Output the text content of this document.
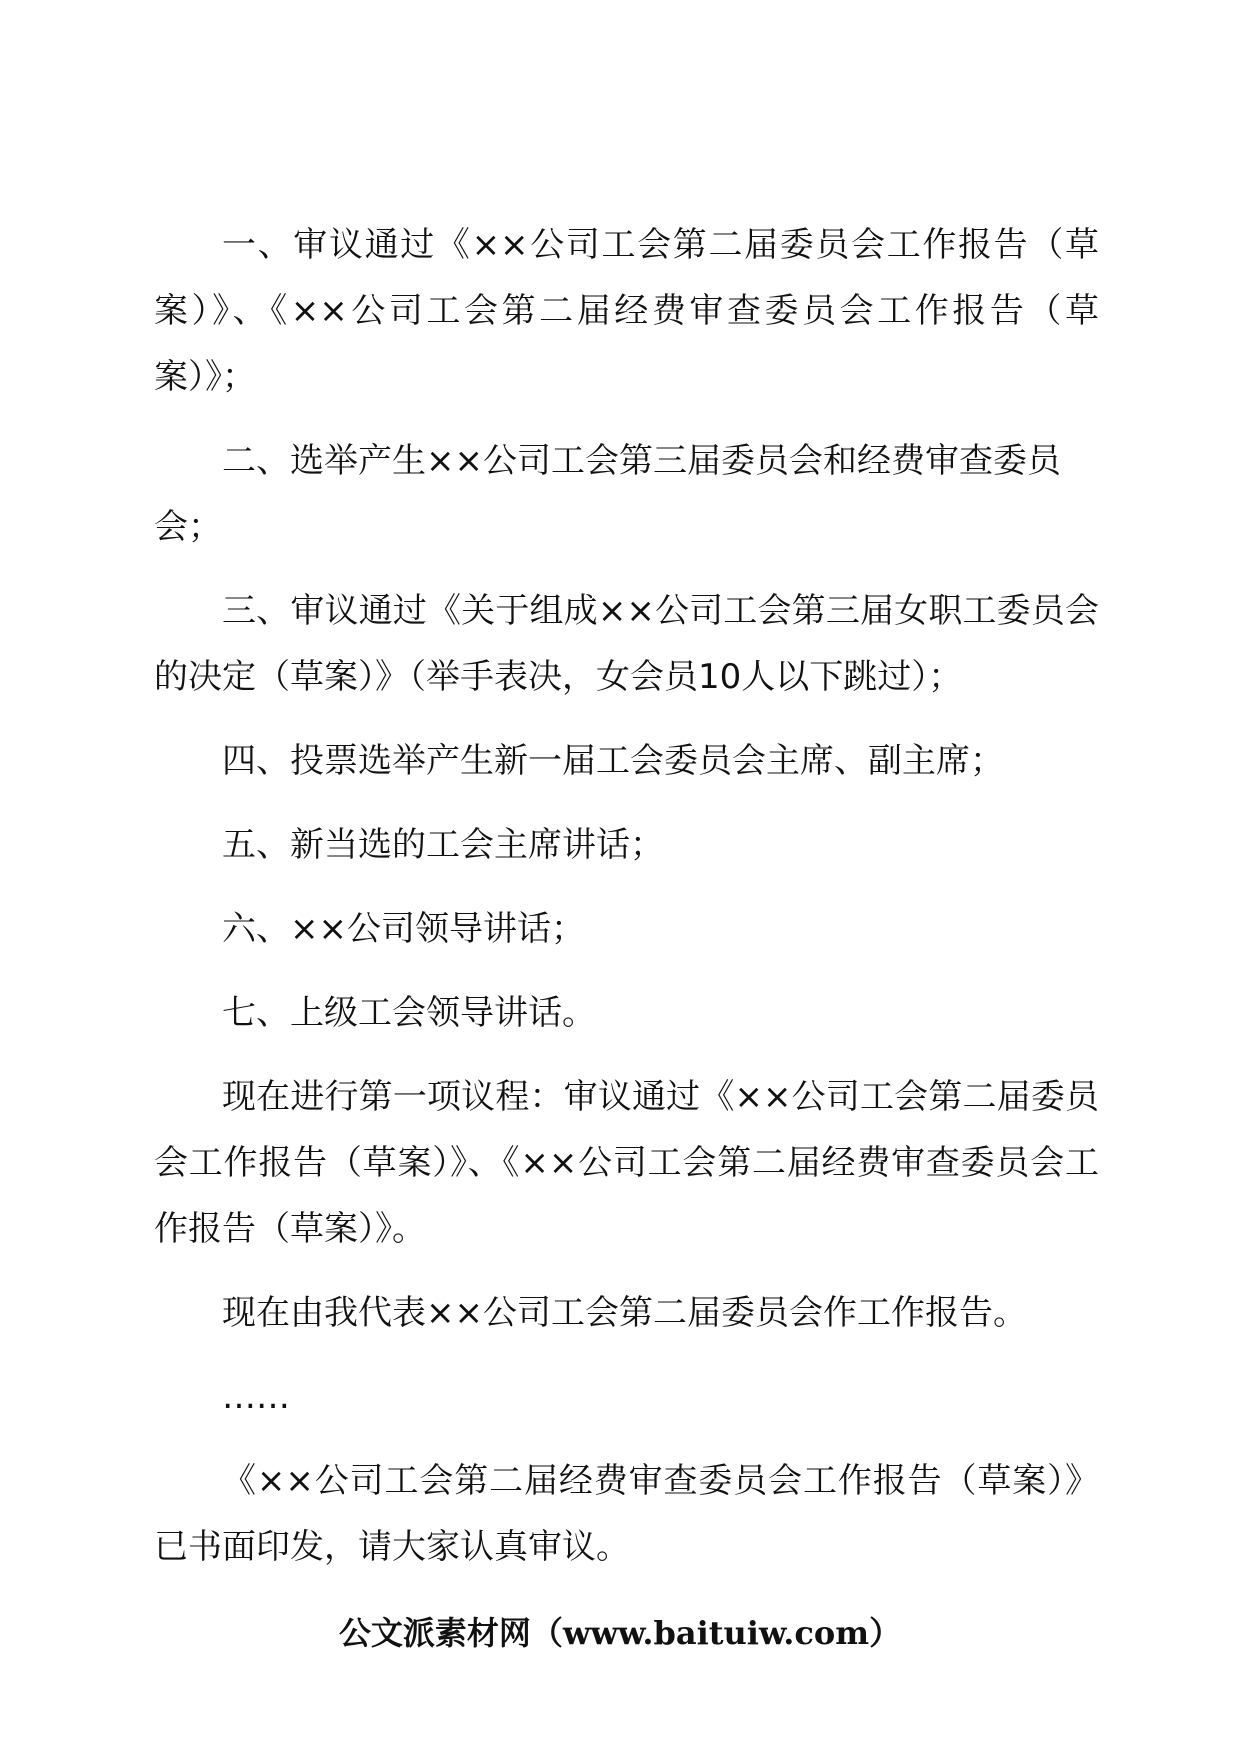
一、审议通过《××公司工会第二届委员会工作报告（草案）》、《××公司工会第二届经费审查委员会工作报告（草案）》；

二、选举产生××公司工会第三届委员会和经费审查委员会；

三、审议通过《关于组成××公司工会第三届女职工委员会的决定（草案）》（举手表决，女会员10人以下跳过）；

四、投票选举产生新一届工会委员会主席、副主席；

五、新当选的工会主席讲话；

六、××公司领导讲话；

七、上级工会领导讲话。

现在进行第一项议程：审议通过《××公司工会第二届委员会工作报告（草案）》、《××公司工会第二届经费审查委员会工作报告（草案）》。

现在由我代表××公司工会第二届委员会作工作报告。

……

《××公司工会第二届经费审查委员会工作报告（草案）》已书面印发，请大家认真审议。

公文派素材网（www.baituiw.com）
